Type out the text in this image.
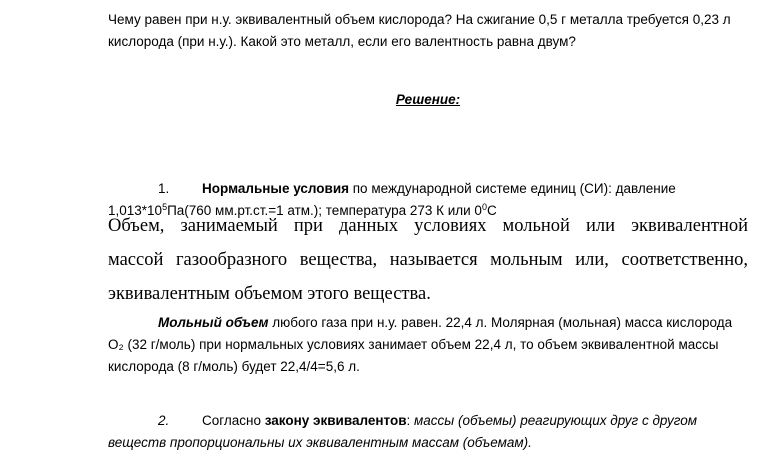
Чему равен при н.у. эквивалентный объем кислорода? На сжигание 0,5 г металла требуется 0,23 л
кислорода (при н.у.). Какой это металл, если его валентность равна двум?
Решение:
1. Нормальные условия по международной системе единиц (СИ): давление
$1,013*10^5Па(760$ мм.рт.ст.=1 атм.); температура 273 К или $0^0С$
Объем, занимаемый при данных условиях мольной или эквивалентной
массой газообразного вещества, называется мольным или, соответственно,
эквивалентным объемом этого вещества.
Мольный объем любого газа при н.у. равен. 22,4 л. Молярная (мольная) масса кислорода
O₂ (32 г/моль) при нормальных условиях занимает объем 22,4 л, то объем эквивалентной массы
кислорода (8 г/моль) будет 22,4/4=5,6 л.
2. Согласно закону эквивалентов: массы (объемы) реагирующих друг с другом
веществ пропорциональны их эквивалентным массам (объемам).
